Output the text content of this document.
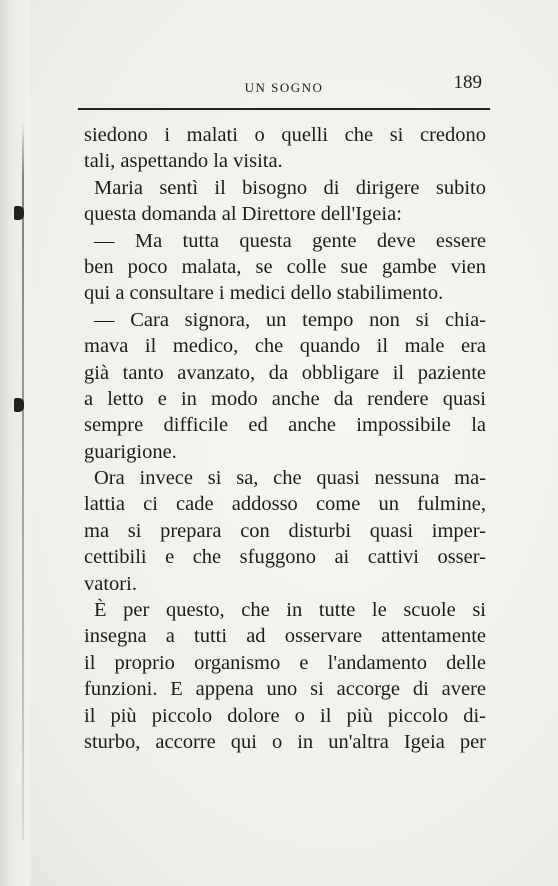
UN SOGNO	189
siedono i malati o quelli che si credono
tali, aspettando la visita.
Maria sentì il bisogno di dirigere subito
questa domanda al Direttore dell'Igeia:
— Ma tutta questa gente deve essere
ben poco malata, se colle sue gambe vien
qui a consultare i medici dello stabilimento.
— Cara signora, un tempo non si chia-
mava il medico, che quando il male era
già tanto avanzato, da obbligare il paziente
a letto e in modo anche da rendere quasi
sempre difficile ed anche impossibile la
guarigione.
Ora invece si sa, che quasi nessuna ma-
lattia ci cade addosso come un fulmine,
ma si prepara con disturbi quasi imper-
cettibili e che sfuggono ai cattivi osser-
vatori.
È per questo, che in tutte le scuole si
insegna a tutti ad osservare attentamente
il proprio organismo e l'andamento delle
funzioni. E appena uno si accorge di avere
il più piccolo dolore o il più piccolo di-
sturbo, accorre qui o in un'altra Igeia per
